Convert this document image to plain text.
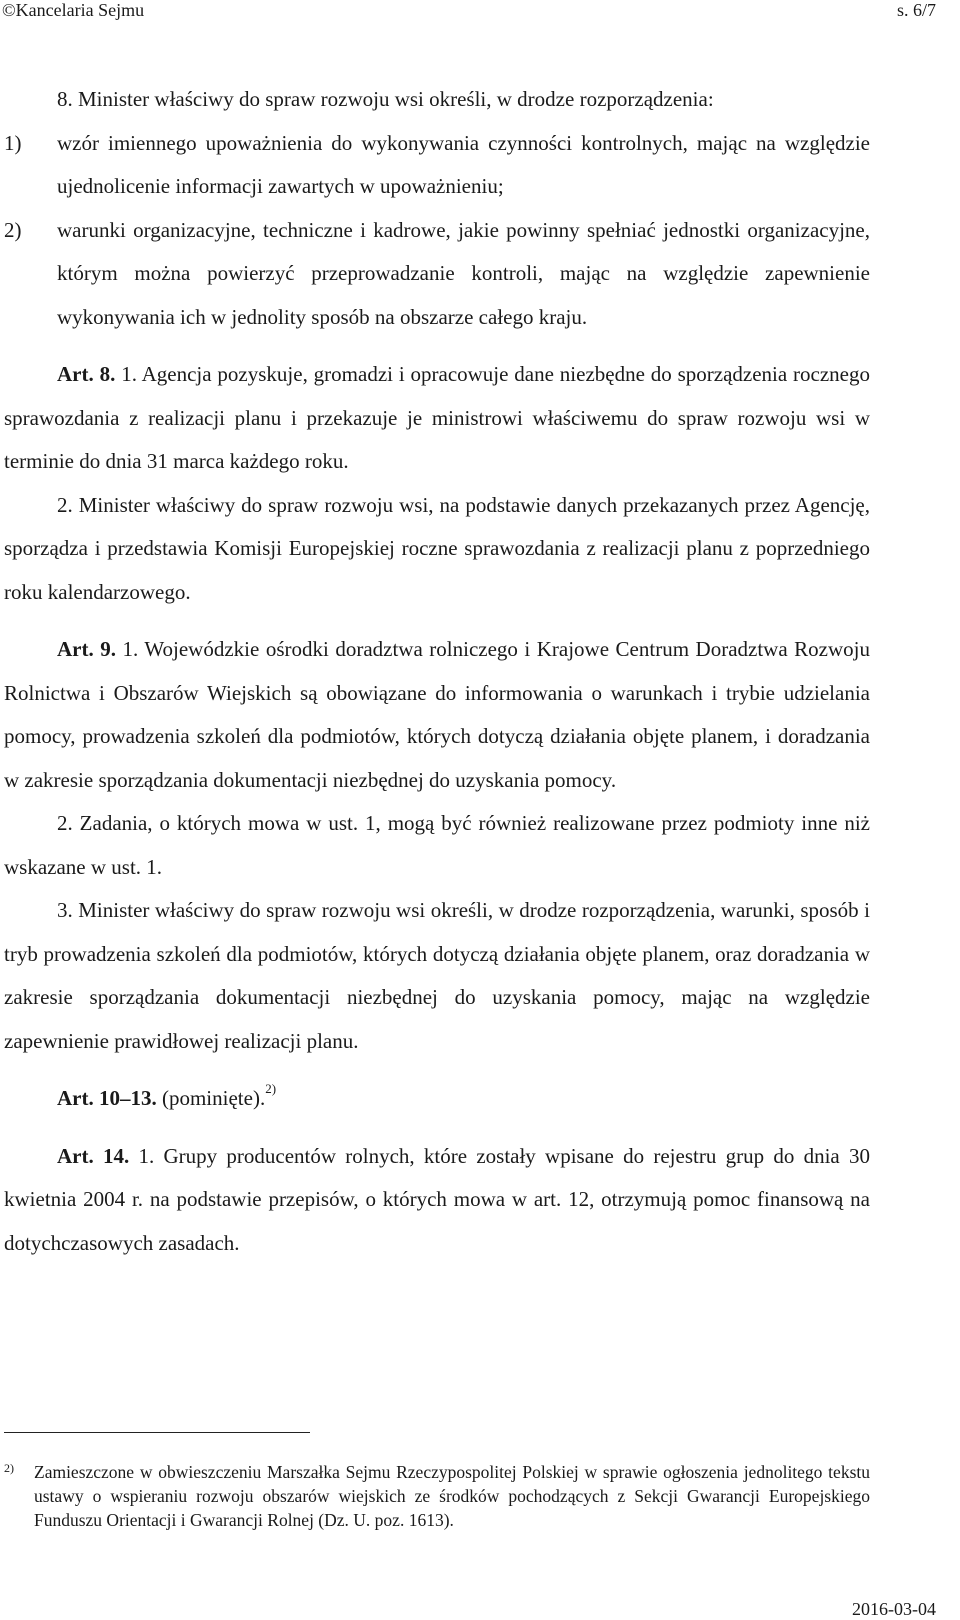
©Kancelaria Sejmu	s. 6/7

8. Minister właściwy do spraw rozwoju wsi określi, w drodze rozporządzenia:

1) wzór imiennego upoważnienia do wykonywania czynności kontrolnych, mając na względzie ujednolicenie informacji zawartych w upoważnieniu;
2) warunki organizacyjne, techniczne i kadrowe, jakie powinny spełniać jednostki organizacyjne, którym można powierzyć przeprowadzanie kontroli, mając na względzie zapewnienie wykonywania ich w jednolity sposób na obszarze całego kraju.

Art. 8. 1. Agencja pozyskuje, gromadzi i opracowuje dane niezbędne do sporządzenia rocznego sprawozdania z realizacji planu i przekazuje je ministrowi właściwemu do spraw rozwoju wsi w terminie do dnia 31 marca każdego roku.

2. Minister właściwy do spraw rozwoju wsi, na podstawie danych przekazanych przez Agencję, sporządza i przedstawia Komisji Europejskiej roczne sprawozdania z realizacji planu z poprzedniego roku kalendarzowego.

Art. 9. 1. Wojewódzkie ośrodki doradztwa rolniczego i Krajowe Centrum Doradztwa Rozwoju Rolnictwa i Obszarów Wiejskich są obowiązane do informowania o warunkach i trybie udzielania pomocy, prowadzenia szkoleń dla podmiotów, których dotyczą działania objęte planem, i doradzania w zakresie sporządzania dokumentacji niezbędnej do uzyskania pomocy.

2. Zadania, o których mowa w ust. 1, mogą być również realizowane przez podmioty inne niż wskazane w ust. 1.

3. Minister właściwy do spraw rozwoju wsi określi, w drodze rozporządzenia, warunki, sposób i tryb prowadzenia szkoleń dla podmiotów, których dotyczą działania objęte planem, oraz doradzania w zakresie sporządzania dokumentacji niezbędnej do uzyskania pomocy, mając na względzie zapewnienie prawidłowej realizacji planu.

Art. 10–13. (pominięte).$^{2)}$

Art. 14. 1. Grupy producentów rolnych, które zostały wpisane do rejestru grup do dnia 30 kwietnia 2004 r. na podstawie przepisów, o których mowa w art. 12, otrzymują pomoc finansową na dotychczasowych zasadach.

2) Zamieszczone w obwieszczeniu Marszałka Sejmu Rzeczypospolitej Polskiej w sprawie ogłoszenia jednolitego tekstu ustawy o wspieraniu rozwoju obszarów wiejskich ze środków pochodzących z Sekcji Gwarancji Europejskiego Funduszu Orientacji i Gwarancji Rolnej (Dz. U. poz. 1613).
2016-03-04
